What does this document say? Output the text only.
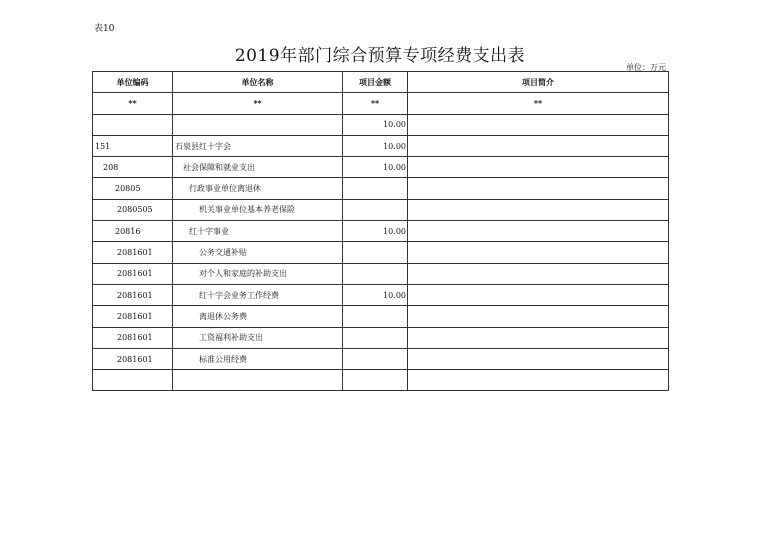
表10
2019年部门综合预算专项经费支出表
单位：万元
单位编码	单位名称	项目金额	项目简介
**	**	**	**
		10.00	
151	石泉县红十字会	10.00	
208	社会保障和就业支出	10.00	
20805	行政事业单位离退休		
2080505	机关事业单位基本养老保险		
20816	红十字事业	10.00	
2081601	公务交通补贴		
2081601	对个人和家庭的补助支出		
2081601	红十字会业务工作经费	10.00	
2081601	离退休公务费		
2081601	工资福利补助支出		
2081601	标准公用经费		
